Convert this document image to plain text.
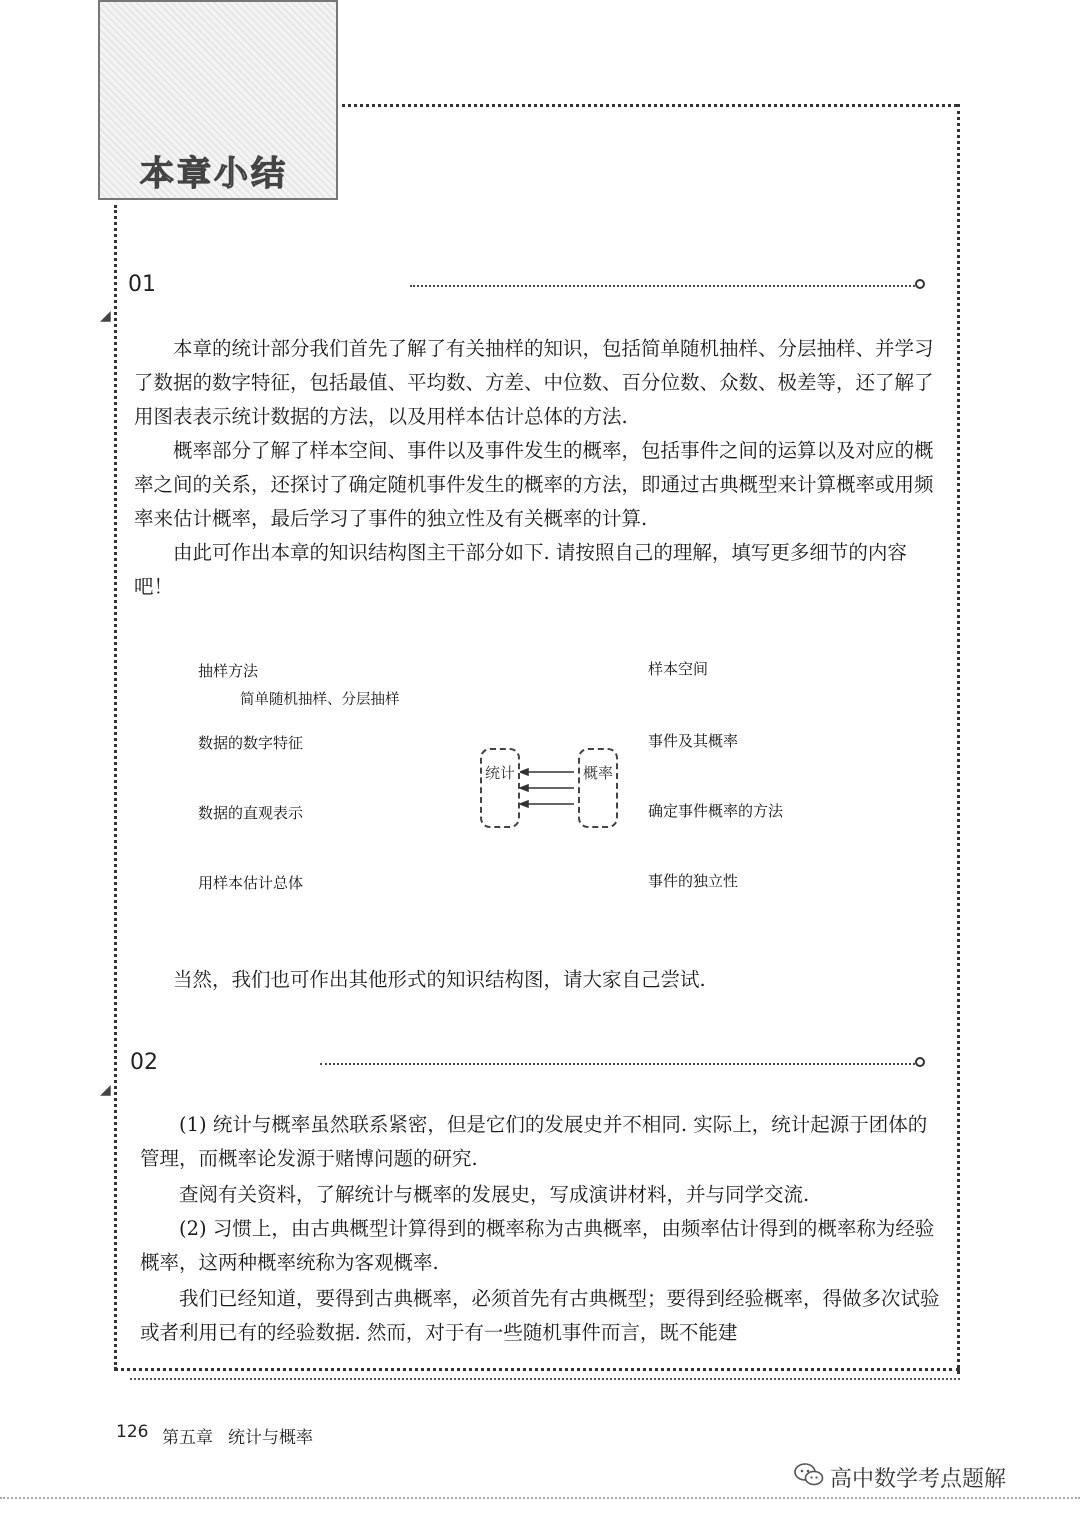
本章小结
01
◢

本章的统计部分我们首先了解了有关抽样的知识，包括简单随机抽样、分层抽样、并学习了数据的数字特征，包括最值、平均数、方差、中位数、百分位数、众数、极差等，还了解了用图表表示统计数据的方法，以及用样本估计总体的方法.

概率部分了解了样本空间、事件以及事件发生的概率，包括事件之间的运算以及对应的概率之间的关系，还探讨了确定随机事件发生的概率的方法，即通过古典概型来计算概率或用频率来估计概率，最后学习了事件的独立性及有关概率的计算.

由此可作出本章的知识结构图主干部分如下. 请按照自己的理解，填写更多细节的内容吧！

抽样方法
简单随机抽样、分层抽样
数据的数字特征
数据的直观表示
用样本估计总体
样本空间
事件及其概率
确定事件概率的方法
事件的独立性
统计	概率

当然，我们也可作出其他形式的知识结构图，请大家自己尝试.

02
◢

(1) 统计与概率虽然联系紧密，但是它们的发展史并不相同. 实际上，统计起源于团体的管理，而概率论发源于赌博问题的研究.

查阅有关资料，了解统计与概率的发展史，写成演讲材料，并与同学交流.

(2) 习惯上，由古典概型计算得到的概率称为古典概率，由频率估计得到的概率称为经验概率，这两种概率统称为客观概率.

我们已经知道，要得到古典概率，必须首先有古典概型；要得到经验概率，得做多次试验或者利用已有的经验数据. 然而，对于有一些随机事件而言，既不能建

126 第五章 统计与概率
高中数学考点题解
